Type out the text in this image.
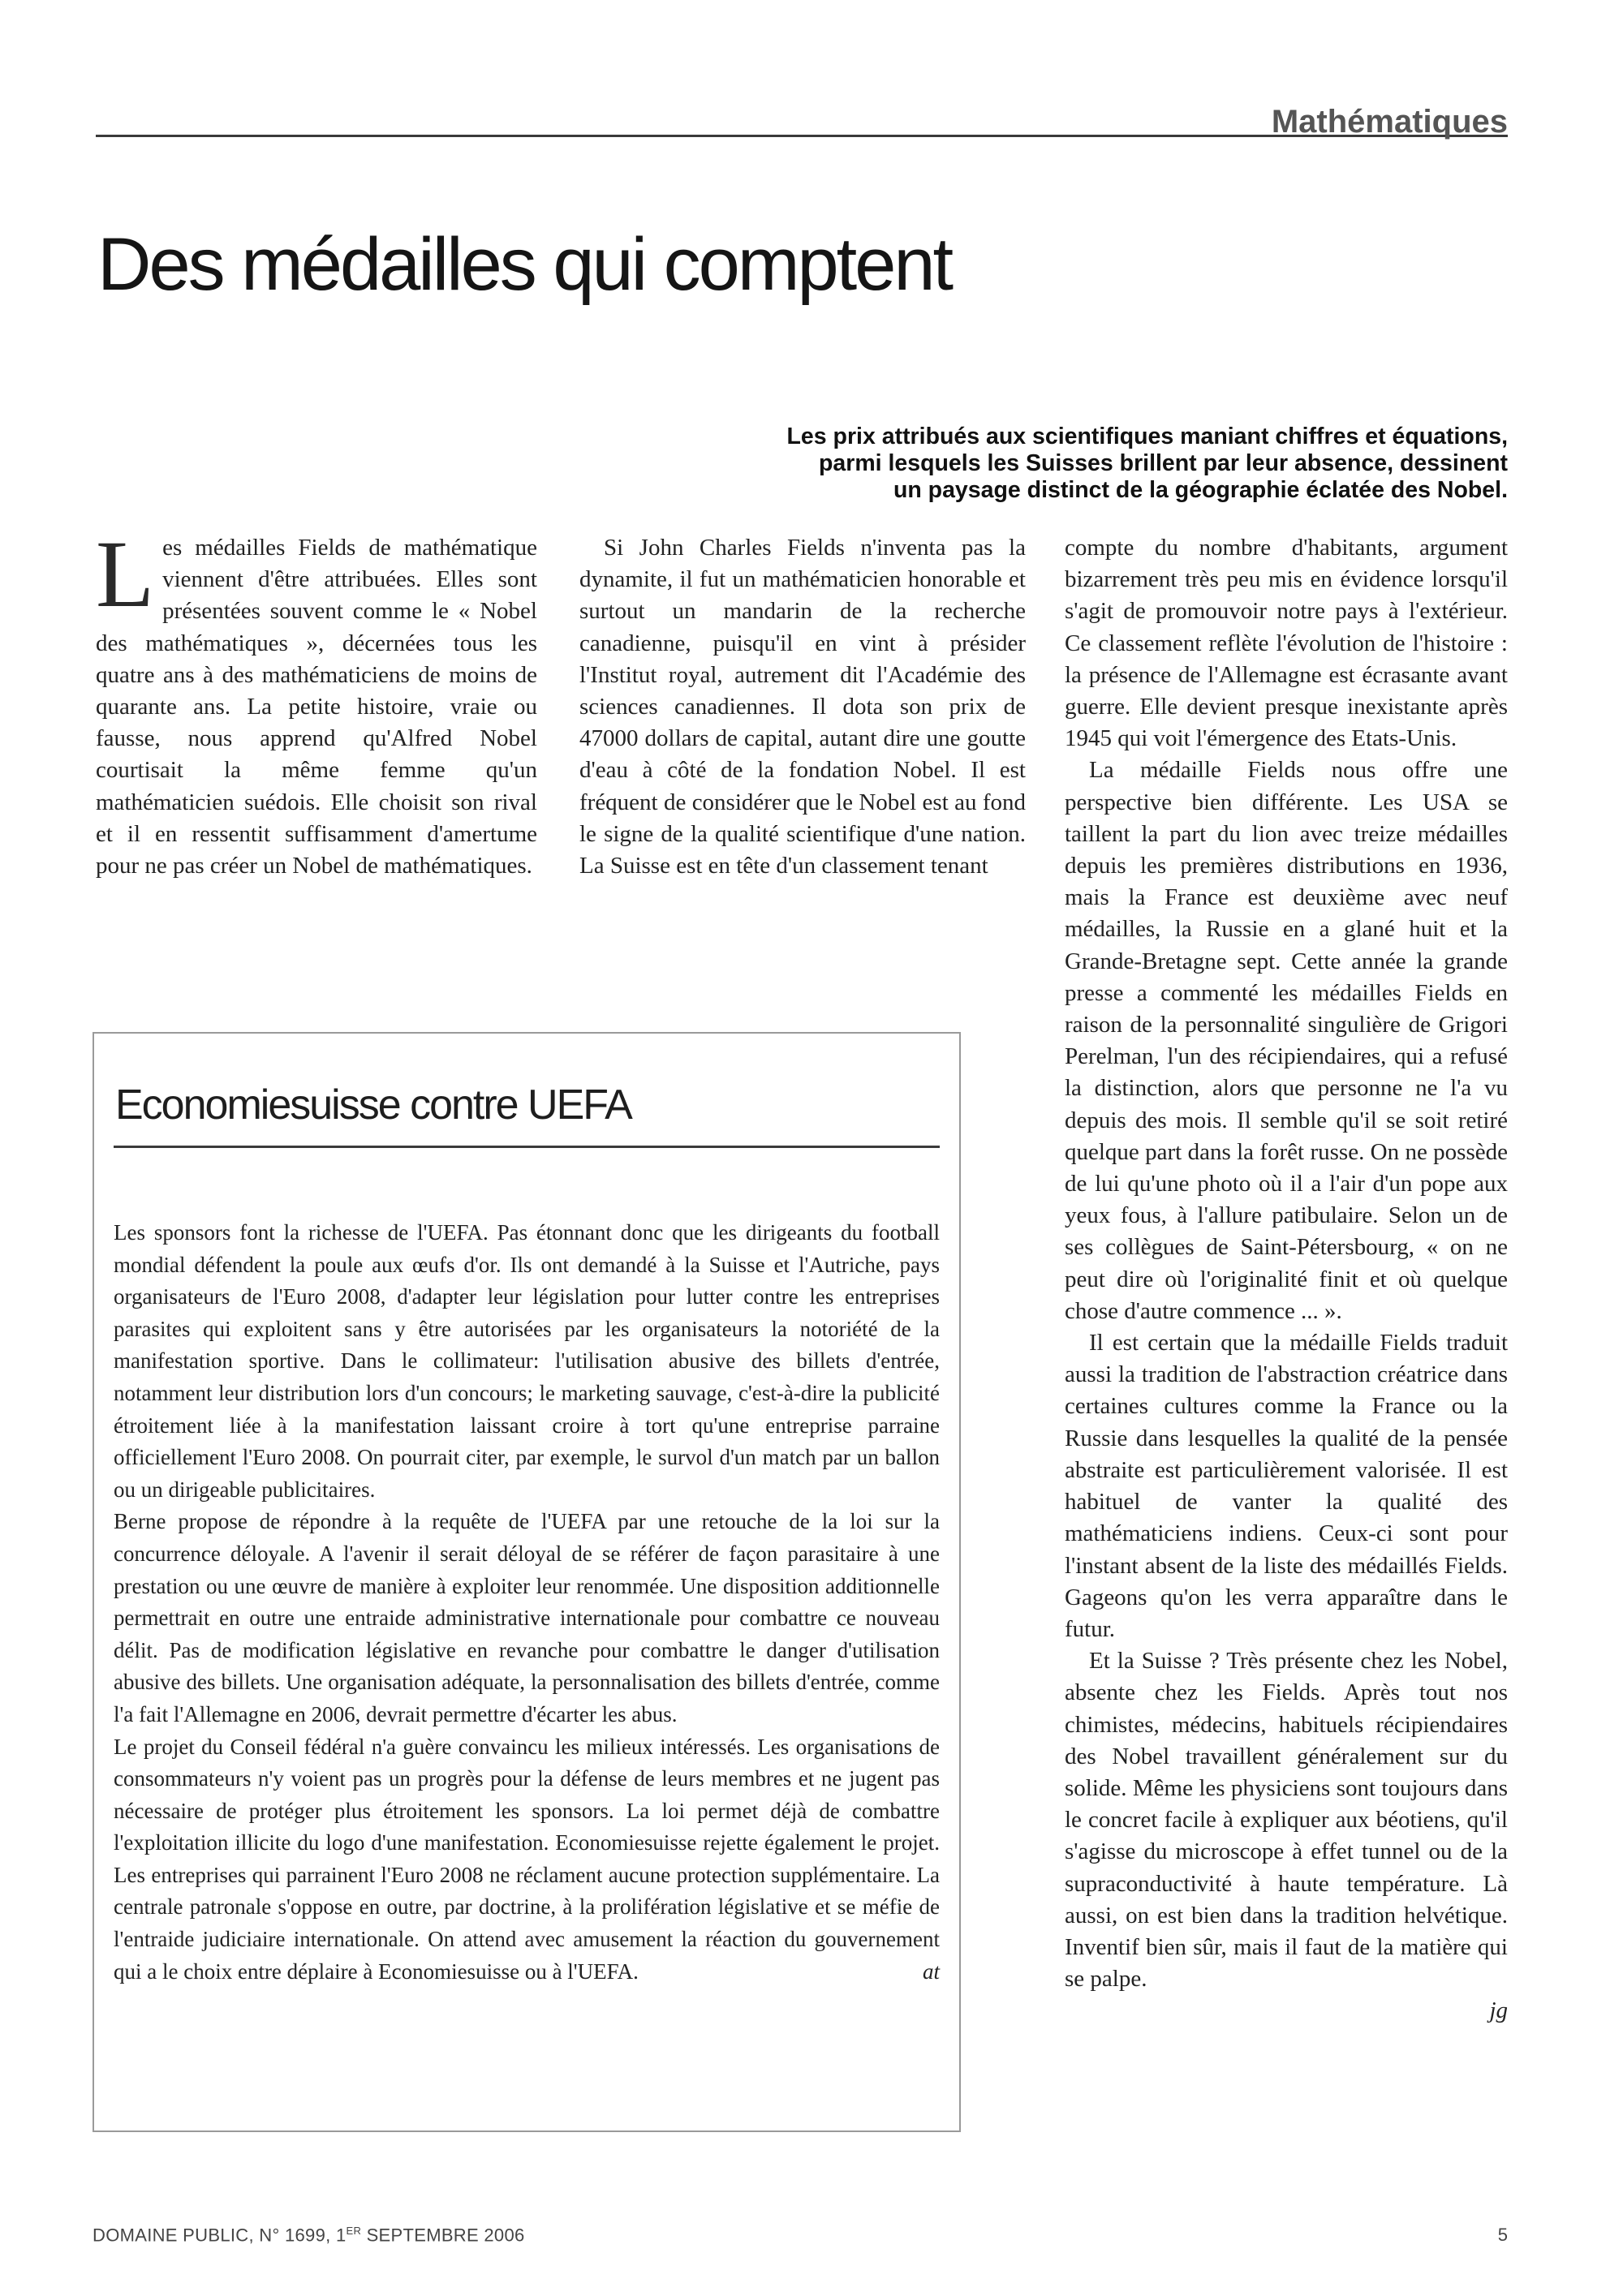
Mathématiques
Des médailles qui comptent
Les prix attribués aux scientifiques maniant chiffres et équations,
parmi lesquels les Suisses brillent par leur absence, dessinent
un paysage distinct de la géographie éclatée des Nobel.

L es médailles Fields de mathématique viennent d'être attribuées. Elles sont présentées souvent comme le « Nobel des mathématiques », décernées tous les quatre ans à des mathématiciens de moins de quarante ans. La petite histoire, vraie ou fausse, nous apprend qu'Alfred Nobel courtisait la même femme qu'un mathématicien suédois. Elle choisit son rival et il en ressentit suffisamment d'amertume pour ne pas créer un Nobel de mathématiques.

Si John Charles Fields n'inventa pas la dynamite, il fut un mathématicien honorable et surtout un mandarin de la recherche canadienne, puisqu'il en vint à présider l'Institut royal, autrement dit l'Académie des sciences canadiennes. Il dota son prix de 47000 dollars de capital, autant dire une goutte d'eau à côté de la fondation Nobel. Il est fréquent de considérer que le Nobel est au fond le signe de la qualité scientifique d'une nation. La Suisse est en tête d'un classement tenant

compte du nombre d'habitants, argument bizarrement très peu mis en évidence lorsqu'il s'agit de promouvoir notre pays à l'extérieur. Ce classement reflète l'évolution de l'histoire : la présence de l'Allemagne est écrasante avant guerre. Elle devient presque inexistante après 1945 qui voit l'émergence des Etats-Unis.

La médaille Fields nous offre une perspective bien différente. Les USA se taillent la part du lion avec treize médailles depuis les premières distributions en 1936, mais la France est deuxième avec neuf médailles, la Russie en a glané huit et la Grande-Bretagne sept. Cette année la grande presse a commenté les médailles Fields en raison de la personnalité singulière de Grigori Perelman, l'un des récipiendaires, qui a refusé la distinction, alors que personne ne l'a vu depuis des mois. Il semble qu'il se soit retiré quelque part dans la forêt russe. On ne possède de lui qu'une photo où il a l'air d'un pope aux yeux fous, à l'allure patibulaire. Selon un de ses collègues de Saint-Pétersbourg, « on ne peut dire où l'originalité finit et où quelque chose d'autre commence ... ».

Il est certain que la médaille Fields traduit aussi la tradition de l'abstraction créatrice dans certaines cultures comme la France ou la Russie dans lesquelles la qualité de la pensée abstraite est particulièrement valorisée. Il est habituel de vanter la qualité des mathématiciens indiens. Ceux-ci sont pour l'instant absent de la liste des médaillés Fields. Gageons qu'on les verra apparaître dans le futur.

Et la Suisse ? Très présente chez les Nobel, absente chez les Fields. Après tout nos chimistes, médecins, habituels récipiendaires des Nobel travaillent généralement sur du solide. Même les physiciens sont toujours dans le concret facile à expliquer aux béotiens, qu'il s'agisse du microscope à effet tunnel ou de la supraconductivité à haute température. Là aussi, on est bien dans la tradition helvétique. Inventif bien sûr, mais il faut de la matière qui se palpe.

jg
Economiesuisse contre UEFA

Les sponsors font la richesse de l'UEFA. Pas étonnant donc que les dirigeants du football mondial défendent la poule aux œufs d'or. Ils ont demandé à la Suisse et l'Autriche, pays organisateurs de l'Euro 2008, d'adapter leur législation pour lutter contre les entreprises parasites qui exploitent sans y être autorisées par les organisateurs la notoriété de la manifestation sportive. Dans le collimateur: l'utilisation abusive des billets d'entrée, notamment leur distribution lors d'un concours; le marketing sauvage, c'est-à-dire la publicité étroitement liée à la manifestation laissant croire à tort qu'une entreprise parraine officiellement l'Euro 2008. On pourrait citer, par exemple, le survol d'un match par un ballon ou un dirigeable publicitaires.

Berne propose de répondre à la requête de l'UEFA par une retouche de la loi sur la concurrence déloyale. A l'avenir il serait déloyal de se référer de façon parasitaire à une prestation ou une œuvre de manière à exploiter leur renommée. Une disposition additionnelle permettrait en outre une entraide administrative internationale pour combattre ce nouveau délit. Pas de modification législative en revanche pour combattre le danger d'utilisation abusive des billets. Une organisation adéquate, la personnalisation des billets d'entrée, comme l'a fait l'Allemagne en 2006, devrait permettre d'écarter les abus.

Le projet du Conseil fédéral n'a guère convaincu les milieux intéressés. Les organisations de consommateurs n'y voient pas un progrès pour la défense de leurs membres et ne jugent pas nécessaire de protéger plus étroitement les sponsors. La loi permet déjà de combattre l'exploitation illicite du logo d'une manifestation. Economiesuisse rejette également le projet. Les entreprises qui parrainent l'Euro 2008 ne réclament aucune protection supplémentaire. La centrale patronale s'oppose en outre, par doctrine, à la prolifération législative et se méfie de l'entraide judiciaire internationale. On attend avec amusement la réaction du gouvernement qui a le choix entre déplaire à Economiesuisse ou à l'UEFA.	at
DOMAINE PUBLIC, N° 1699, 1ER SEPTEMBRE 2006	5
